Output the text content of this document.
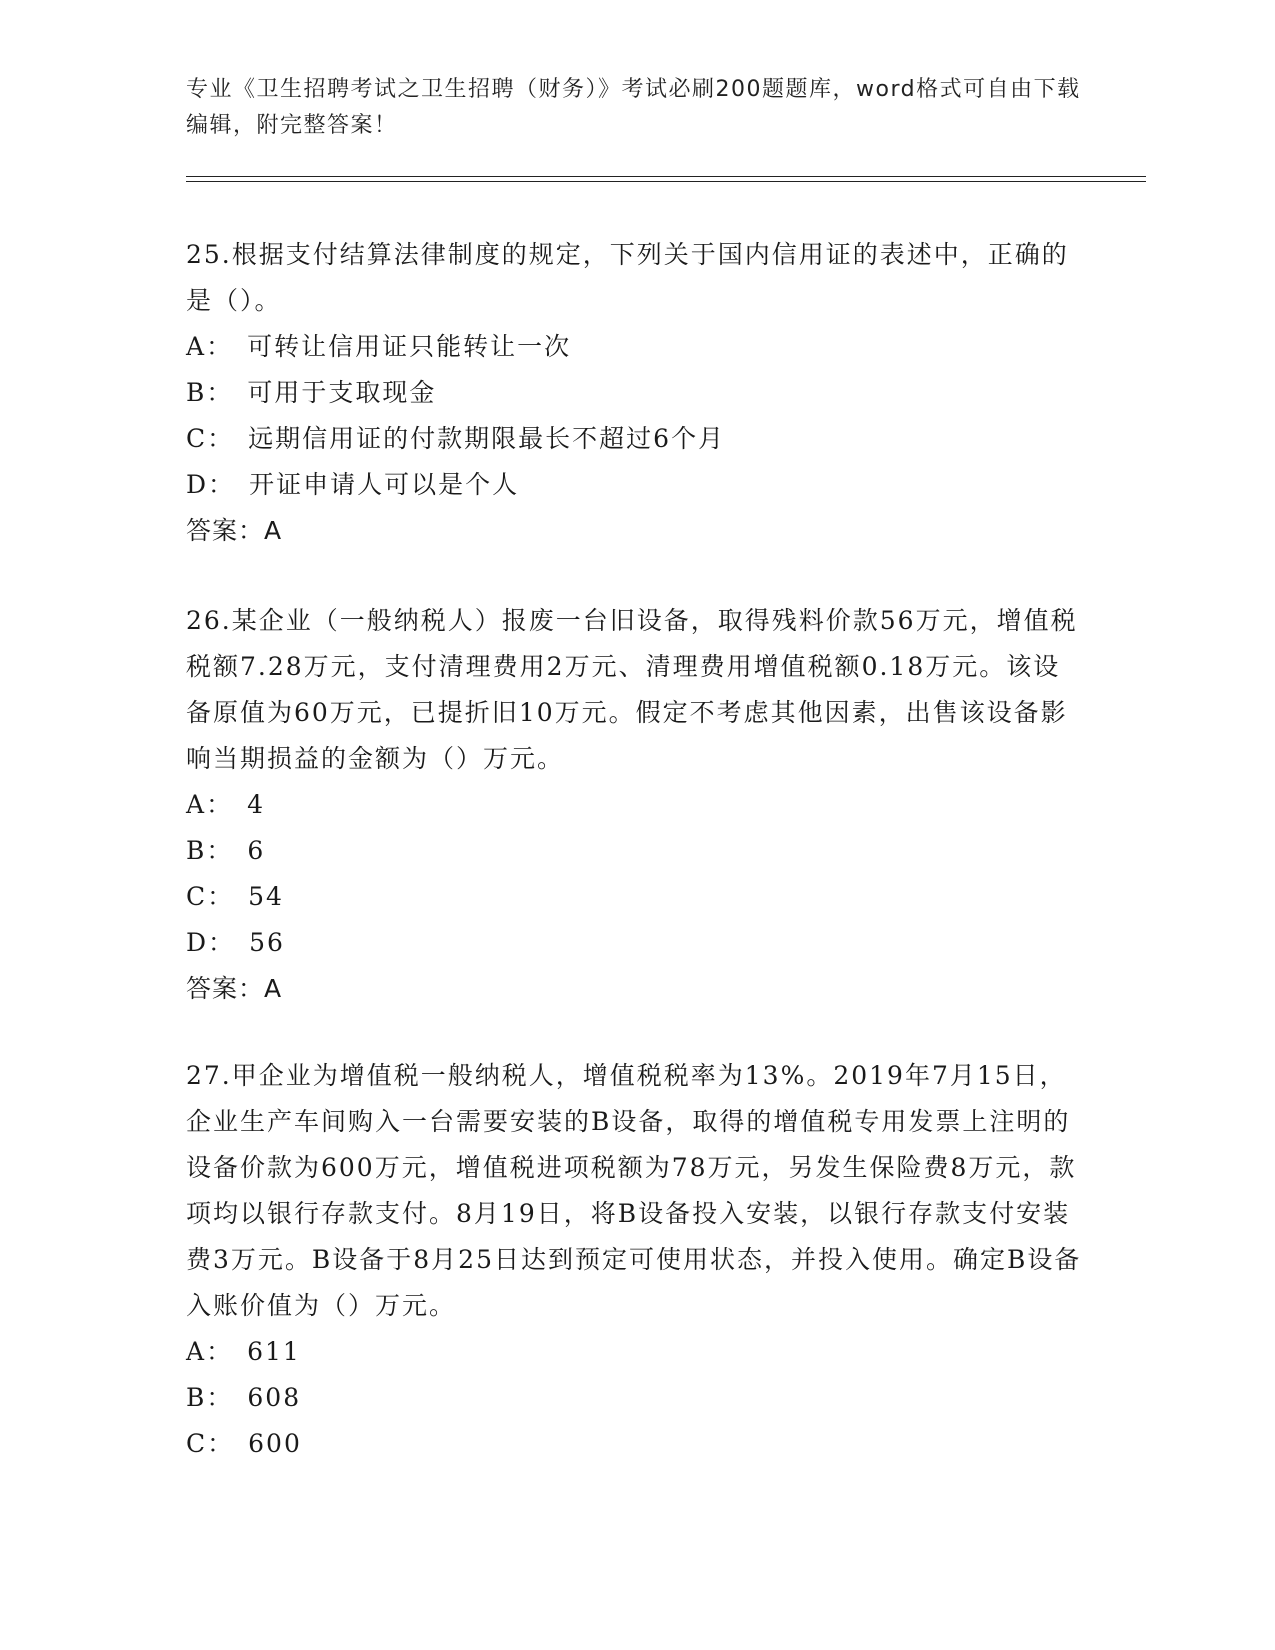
专业《卫生招聘考试之卫生招聘（财务）》考试必刷200题题库，word格式可自由下载编辑，附完整答案！

25.根据支付结算法律制度的规定，下列关于国内信用证的表述中，正确的是（）。

A： 可转让信用证只能转让一次

B： 可用于支取现金

C： 远期信用证的付款期限最长不超过6个月

D： 开证申请人可以是个人

答案：A

26.某企业（一般纳税人）报废一台旧设备，取得残料价款56万元，增值税税额7.28万元，支付清理费用2万元、清理费用增值税额0.18万元。该设备原值为60万元，已提折旧10万元。假定不考虑其他因素，出售该设备影响当期损益的金额为（）万元。

A： 4

B： 6

C： 54

D： 56

答案：A

27.甲企业为增值税一般纳税人，增值税税率为13%。2019年7月15日，企业生产车间购入一台需要安装的B设备，取得的增值税专用发票上注明的设备价款为600万元，增值税进项税额为78万元，另发生保险费8万元，款项均以银行存款支付。8月19日，将B设备投入安装，以银行存款支付安装费3万元。B设备于8月25日达到预定可使用状态，并投入使用。确定B设备入账价值为（）万元。

A： 611

B： 608

C： 600
